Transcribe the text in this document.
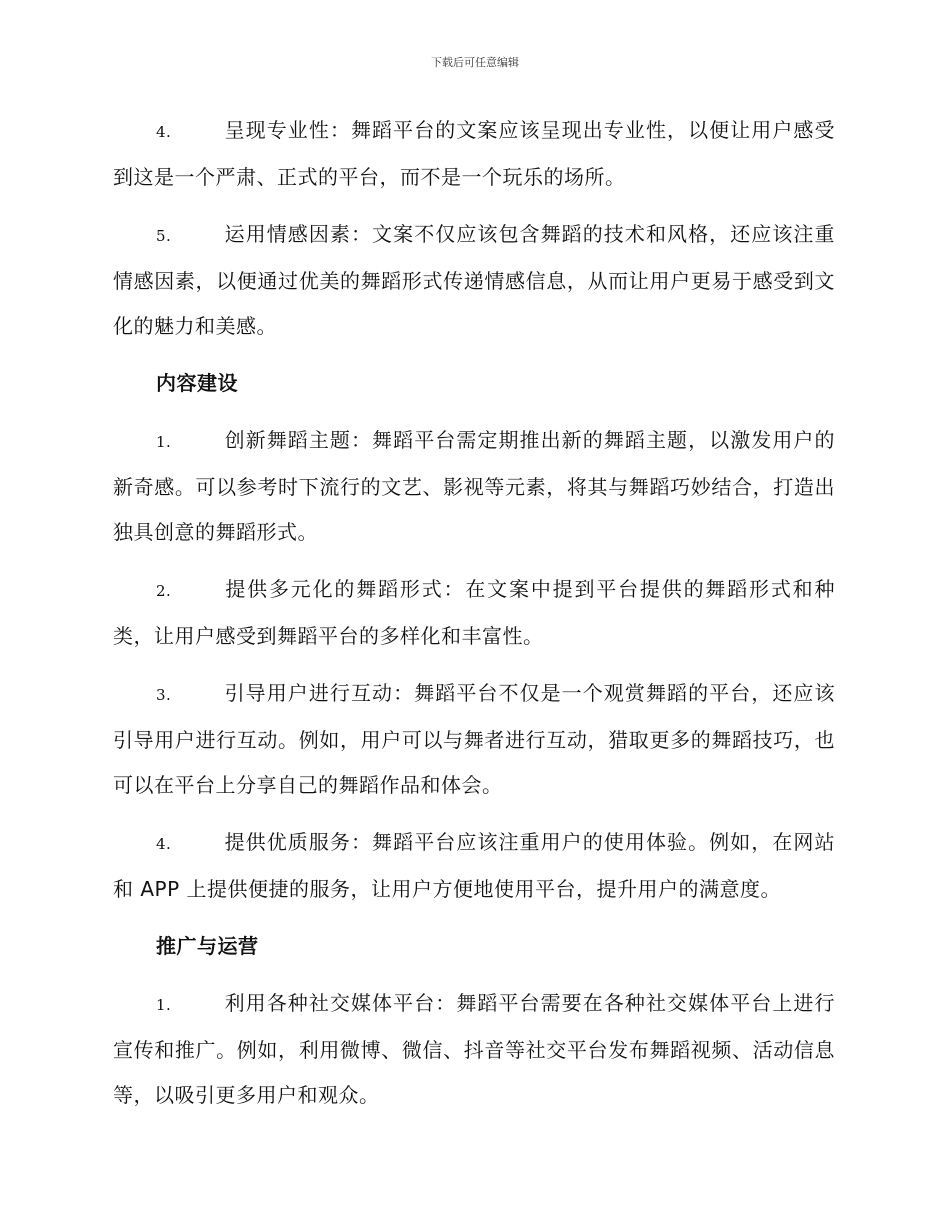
下载后可任意编辑

4.	呈现专业性：舞蹈平台的文案应该呈现出专业性，以便让用户感受到这是一个严肃、正式的平台，而不是一个玩乐的场所。

5.	运用情感因素：文案不仅应该包含舞蹈的技术和风格，还应该注重情感因素，以便通过优美的舞蹈形式传递情感信息，从而让用户更易于感受到文化的魅力和美感。

内容建设

1.	创新舞蹈主题：舞蹈平台需定期推出新的舞蹈主题，以激发用户的新奇感。可以参考时下流行的文艺、影视等元素，将其与舞蹈巧妙结合，打造出独具创意的舞蹈形式。

2.	提供多元化的舞蹈形式：在文案中提到平台提供的舞蹈形式和种类，让用户感受到舞蹈平台的多样化和丰富性。

3.	引导用户进行互动：舞蹈平台不仅是一个观赏舞蹈的平台，还应该引导用户进行互动。例如，用户可以与舞者进行互动，猎取更多的舞蹈技巧，也可以在平台上分享自己的舞蹈作品和体会。

4.	提供优质服务：舞蹈平台应该注重用户的使用体验。例如，在网站和 APP 上提供便捷的服务，让用户方便地使用平台，提升用户的满意度。

推广与运营

1.	利用各种社交媒体平台：舞蹈平台需要在各种社交媒体平台上进行宣传和推广。例如，利用微博、微信、抖音等社交平台发布舞蹈视频、活动信息等，以吸引更多用户和观众。
